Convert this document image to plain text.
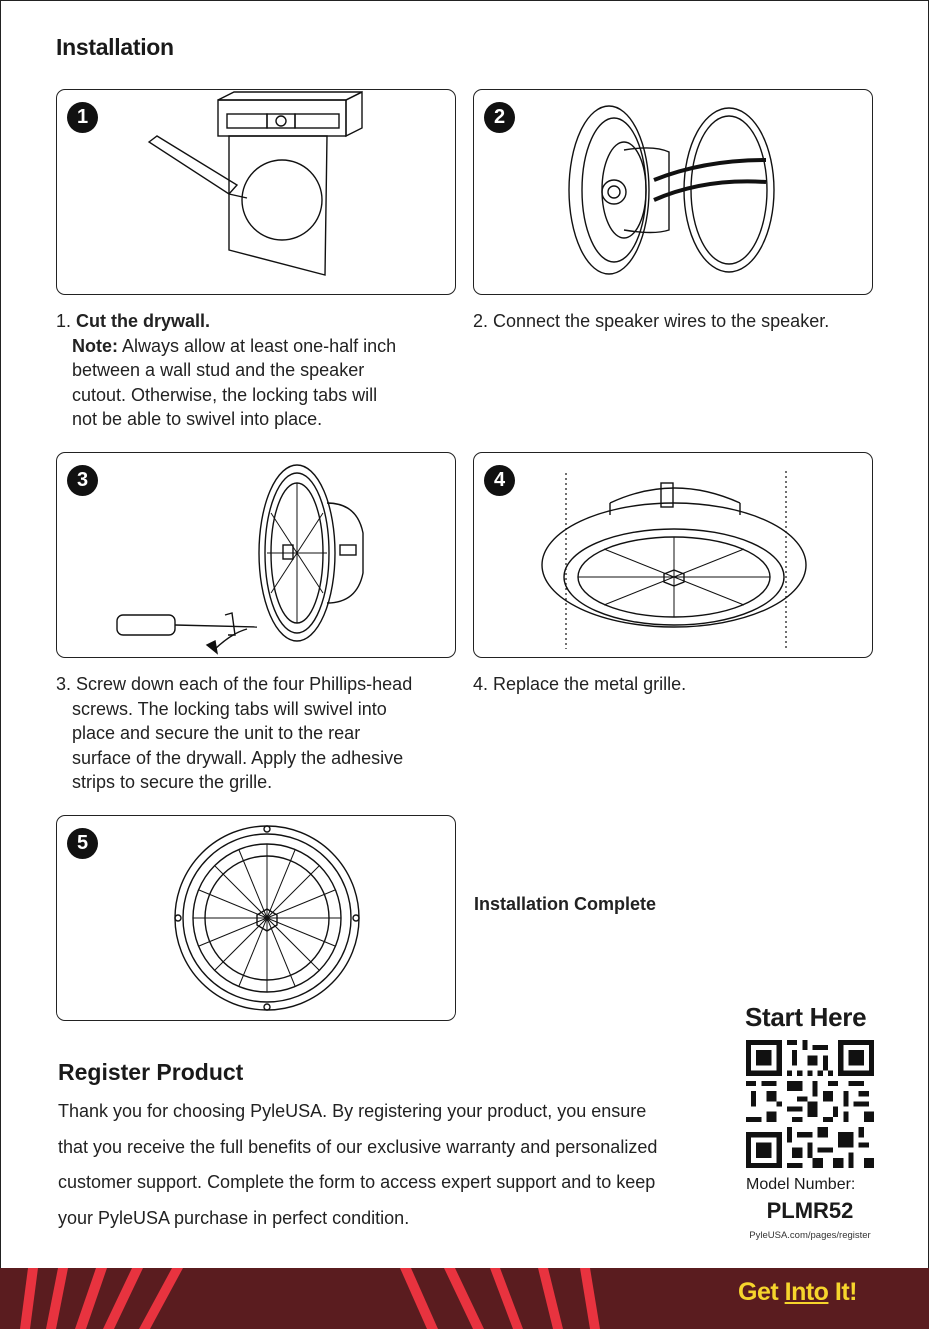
Installation
1	2
1. Cut the drywall.
Note: Always allow at least one-half inch
between a wall stud and the speaker
cutout. Otherwise, the locking tabs will
not be able to swivel into place.
2. Connect the speaker wires to the speaker.
3	4
3. Screw down each of the four Phillips-head
screws. The locking tabs will swivel into
place and secure the unit to the rear
surface of the drywall. Apply the adhesive
strips to secure the grille.
4. Replace the metal grille.
5
Installation Complete
Start Here
Model Number:
PLMR52
PyleUSA.com/pages/register
Register Product
Thank you for choosing PyleUSA. By registering your product, you ensure
that you receive the full benefits of our exclusive warranty and personalized
customer support. Complete the form to access expert support and to keep
your PyleUSA purchase in perfect condition.
Get Into It!
